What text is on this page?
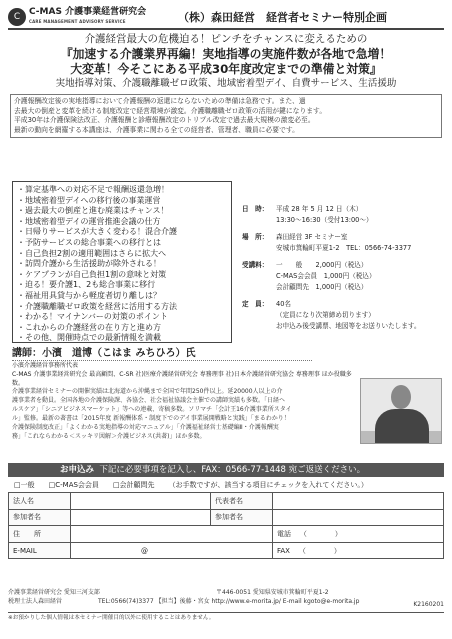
C C-MAS 介護事業経営研究会
CARE MANAGEMENT ADVISORY SERVICE	（株）森田経営　経営者セミナー特別企画
介護経営最大の危機迫る！ピンチをチャンスに変えるための
『加速する介護業界再編！実地指導の実施件数が各地で急増！
大変革！今そこにある平成30年度改定までの準備と対策』
実地指導対策、介護職離職ゼロ政策、地域密着型デイ、自費サービス、生活援助
介護報酬改定後の実地指導において介護報酬の返還にならないための準備は急務です。また、過
去最大の倒産と変革を続ける制度改定で経営環境が激変。介護職離職ゼロ政策の活用が鍵になります。
平成30年は介護保険法改正、介護報酬と診療報酬改定のトリプル改定で過去最大規模の激変必至。
最新の動向を網羅する本講座は、介護事業に関わる全ての経営者、管理者、職員に必要です。
・算定基準への対応不足で報酬返還急増！
・地域密着型デイへの移行後の事業運営
・過去最大の倒産と進む廃業はチャンス！
・地域密着型デイの運営推進会議の仕方
・日帰りサービスが大きく変わる！混合介護
・予防サービスの総合事業への移行とは
・自己負担2割の適用範囲はさらに拡大へ
・訪問介護から生活援助が除外される！
・ケアプランが自己負担1割の意味と対策
・迫る！要介護1、2も総合事業に移行
・福祉用具貸与から軽度者切り離しは？
・介護職離職ゼロ政策を経営に活用する方法
・わかる！マイナンバーの対策のポイント
・これからの介護経営の在り方と進め方
・その他、開催時点での最新情報を満載
日　時：	平成 28 年 5 月 12 日（木）
13:30～16:30（受付13:00～）
場　所：	森田経営 3F セミナー室
安城市箕輪町平夏1-2　TEL：0566-74-3377
受講料：	一　　般　　2,000円（税込）
C-MAS会会員　1,000円（税込）
会計顧問先　1,000円（税込）
定　員：	40名
（定員になり次第締め切ります）
お申込み後受講票、地図等をお送りいたします。
講師：小濱　道博（こはま みちひろ）氏
小濱介護経営事務所代表
C-MAS 介護事業経営研究会 最高顧問、C-SR 社)医療介護経営研究会 専務理事 社)日本介護経営研究協会 専務理事 ほか役職多数。
介護事業経営セミナーの開催実績は北海道から沖縄まで全国で年間250件以上。延20000人以上の介
護事業者を動員。全国各地の介護保険課、各協会、社会福祉協議会主催での講師実績も多数。「日経ヘ
ルスケア」「シニアビジネスマーケット」等への連載、寄稿多数。ソリマチ「会計王16介護事業所スタイ
ル」監修。最新の著書は「2015年度 新報酬体系・制度下でのデイ事業展開戦略と実践」「まるわかり！
介護保険制度改正」「よくわかる実地指導の対応マニュアル」「介護福祉経営士基礎編Ⅱ・介護報酬実
務」「これならわかる＜スッキリ図解＞介護ビジネス(共著)」ほか多数。
お申込み 下記に必要事項を記入し、FAX：0566-77-1448 宛ご返送ください。
□一般 □C-MAS会会員 □会計顧問先 （お手数ですが、該当する項目にチェックを入れてください。）
法人名		代表者名	
参加者名		参加者名	
住　　所			電話 （　　　　）
E-MAIL	@		FAX （　　　　）
介護事業経営研究会 愛知三河支部
税理士法人森田経営
〒446-0051 愛知県安城市箕輪町平夏1-2
TEL:0566(74)3377 【担当】後藤・宮女 http://www.e-morita.jp/ E-mail kgoto@e-morita.jp	K2160201
※お預かりした個人情報は本セミナー開催目的以外に使用することはありません。
